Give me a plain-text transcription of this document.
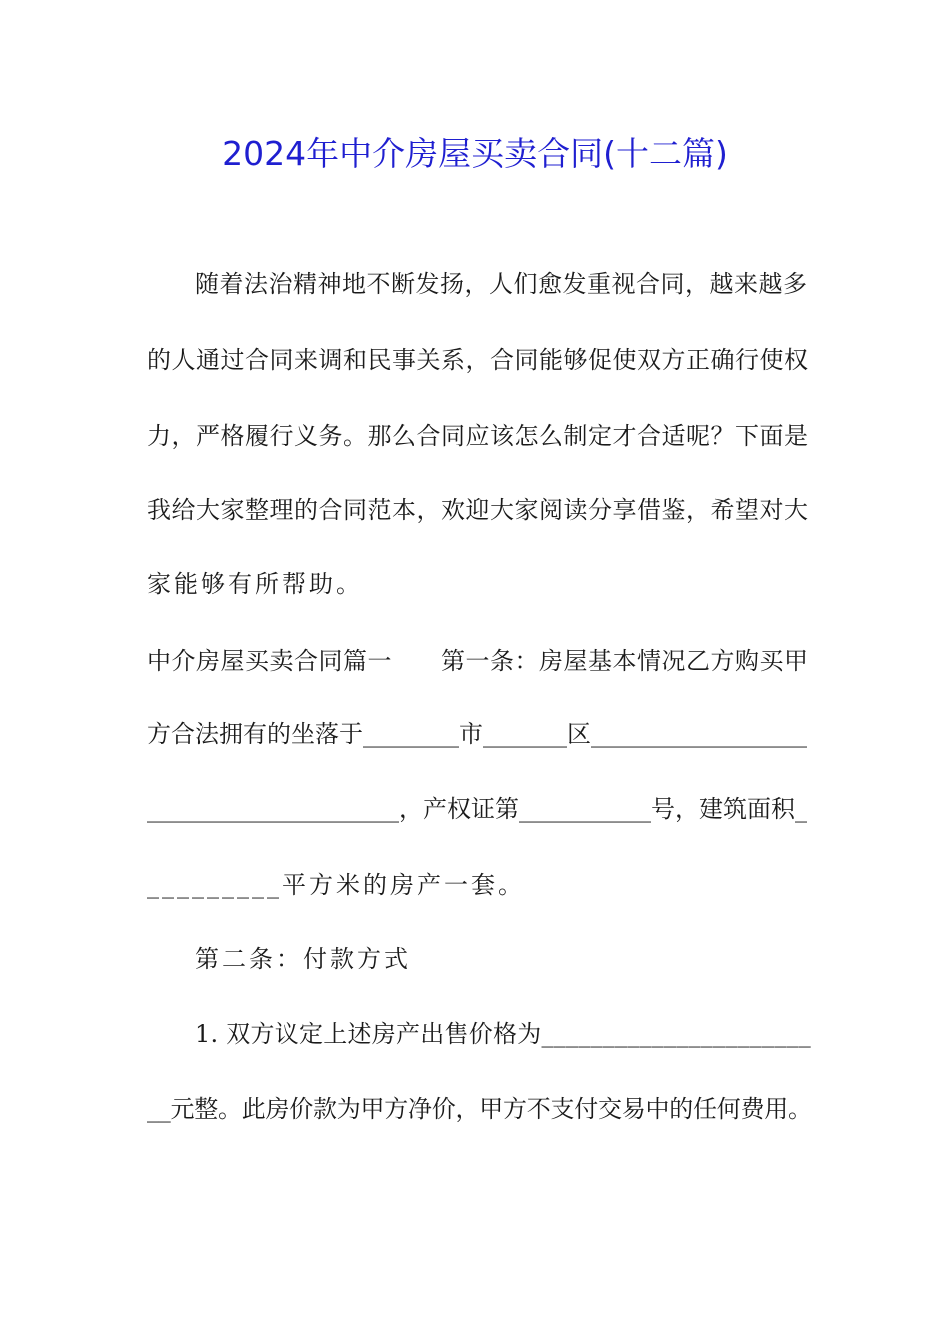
2024年中介房屋买卖合同(十二篇)
随着法治精神地不断发扬，人们愈发重视合同，越来越多
的人通过合同来调和民事关系，合同能够促使双方正确行使权
力，严格履行义务。那么合同应该怎么制定才合适呢？下面是
我给大家整理的合同范本，欢迎大家阅读分享借鉴，希望对大
家能够有所帮助。
中介房屋买卖合同篇一　　第一条：房屋基本情况乙方购买甲
方合法拥有的坐落于________市_______区__________________
_____________________，产权证第___________号，建筑面积_
_________平方米的房产一套。
第二条：付款方式
1. 双方议定上述房产出售价格为______________________
__元整。此房价款为甲方净价，甲方不支付交易中的任何费用。
